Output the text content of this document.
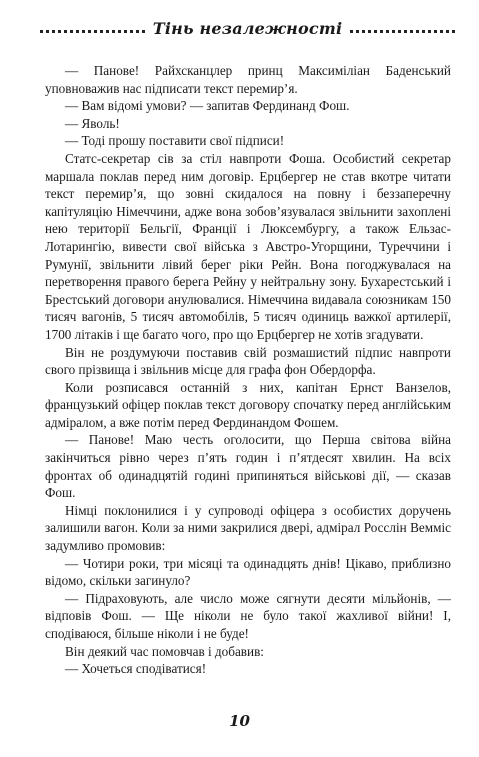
Тінь незалежності

— Панове! Райхсканцлер принц Максиміліан Баденський уповноважив нас підписати текст перемир’я.

— Вам відомі умови? — запитав Фердинанд Фош.

— Яволь!

— Тоді прошу поставити свої підписи!

Статс-секретар сів за стіл навпроти Фоша. Особистий секретар маршала поклав перед ним договір. Ерцбергер не став вкотре читати текст перемир’я, що зовні скидалося на повну і беззаперечну капітуляцію Німеччини, адже вона зобов’язувалася звільнити захоплені нею території Бельгії, Франції і Люксембургу, а також Ельзас-Лотарингію, вивести свої війська з Австро-Угорщини, Туреччини і Румунії, звільнити лівий берег ріки Рейн. Вона погоджувалася на перетворення правого берега Рейну у нейтральну зону. Бухарестський і Брестський договори анулювалися. Німеччина видавала союзникам 150 тисяч вагонів, 5 тисяч автомобілів, 5 тисяч одиниць важкої артилерії, 1700 літаків і ще багато чого, про що Ерцбергер не хотів згадувати.

Він не роздумуючи поставив свій розмашистий підпис навпроти свого прізвища і звільнив місце для графа фон Обердорфа.

Коли розписався останній з них, капітан Ернст Ванзелов, французький офіцер поклав текст договору спочатку перед англійським адміралом, а вже потім перед Фердинандом Фошем.

— Панове! Маю честь оголосити, що Перша світова війна закінчиться рівно через п’ять годин і п’ятдесят хвилин. На всіх фронтах об одинадцятій годині припиняться військові дії, — сказав Фош.

Німці поклонилися і у супроводі офіцера з особистих доручень залишили вагон. Коли за ними закрилися двері, адмірал Росслін Вемміс задумливо промовив:

— Чотири роки, три місяці та одинадцять днів! Цікаво, приблизно відомо, скільки загинуло?

— Підраховують, але число може сягнути десяти мільйонів, — відповів Фош. — Ще ніколи не було такої жахливої війни! І, сподіваюся, більше ніколи і не буде!

Він деякий час помовчав і добавив:

— Хочеться сподіватися!

10
